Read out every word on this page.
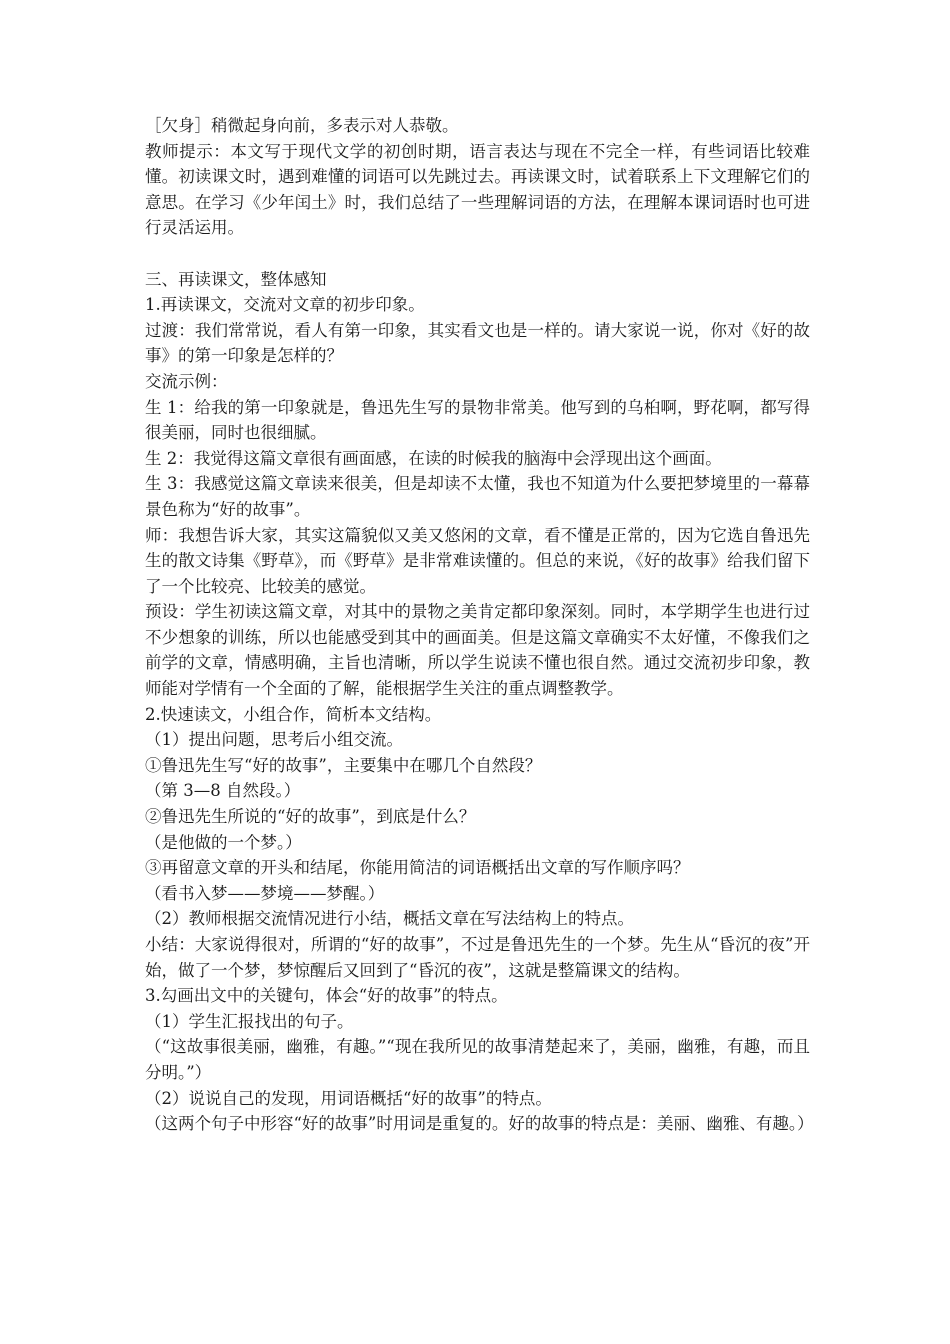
［欠身］稍微起身向前，多表示对人恭敬。

教师提示：本文写于现代文学的初创时期，语言表达与现在不完全一样，有些词语比较难懂。初读课文时，遇到难懂的词语可以先跳过去。再读课文时，试着联系上下文理解它们的意思。在学习《少年闰土》时，我们总结了一些理解词语的方法，在理解本课词语时也可进行灵活运用。

三、再读课文，整体感知

1.再读课文，交流对文章的初步印象。

过渡：我们常常说，看人有第一印象，其实看文也是一样的。请大家说一说，你对《好的故事》的第一印象是怎样的？

交流示例：

生 1：给我的第一印象就是，鲁迅先生写的景物非常美。他写到的乌桕啊，野花啊，都写得很美丽，同时也很细腻。

生 2：我觉得这篇文章很有画面感，在读的时候我的脑海中会浮现出这个画面。

生 3：我感觉这篇文章读来很美，但是却读不太懂，我也不知道为什么要把梦境里的一幕幕景色称为“好的故事”。

师：我想告诉大家，其实这篇貌似又美又悠闲的文章，看不懂是正常的，因为它选自鲁迅先生的散文诗集《野草》，而《野草》是非常难读懂的。但总的来说，《好的故事》给我们留下了一个比较亮、比较美的感觉。

预设：学生初读这篇文章，对其中的景物之美肯定都印象深刻。同时，本学期学生也进行过不少想象的训练，所以也能感受到其中的画面美。但是这篇文章确实不太好懂，不像我们之前学的文章，情感明确，主旨也清晰，所以学生说读不懂也很自然。通过交流初步印象，教师能对学情有一个全面的了解，能根据学生关注的重点调整教学。

2.快速读文，小组合作，简析本文结构。

（1）提出问题，思考后小组交流。

①鲁迅先生写“好的故事”，主要集中在哪几个自然段？

（第 3—8 自然段。）

②鲁迅先生所说的“好的故事”，到底是什么？

（是他做的一个梦。）

③再留意文章的开头和结尾，你能用简洁的词语概括出文章的写作顺序吗？

（看书入梦——梦境——梦醒。）

（2）教师根据交流情况进行小结，概括文章在写法结构上的特点。

小结：大家说得很对，所谓的“好的故事”，不过是鲁迅先生的一个梦。先生从“昏沉的夜”开始，做了一个梦，梦惊醒后又回到了“昏沉的夜”，这就是整篇课文的结构。

3.勾画出文中的关键句，体会“好的故事”的特点。

（1）学生汇报找出的句子。

（“这故事很美丽，幽雅，有趣。”“现在我所见的故事清楚起来了，美丽，幽雅，有趣，而且分明。”）

（2）说说自己的发现，用词语概括“好的故事”的特点。

（这两个句子中形容“好的故事”时用词是重复的。好的故事的特点是：美丽、幽雅、有趣。）
